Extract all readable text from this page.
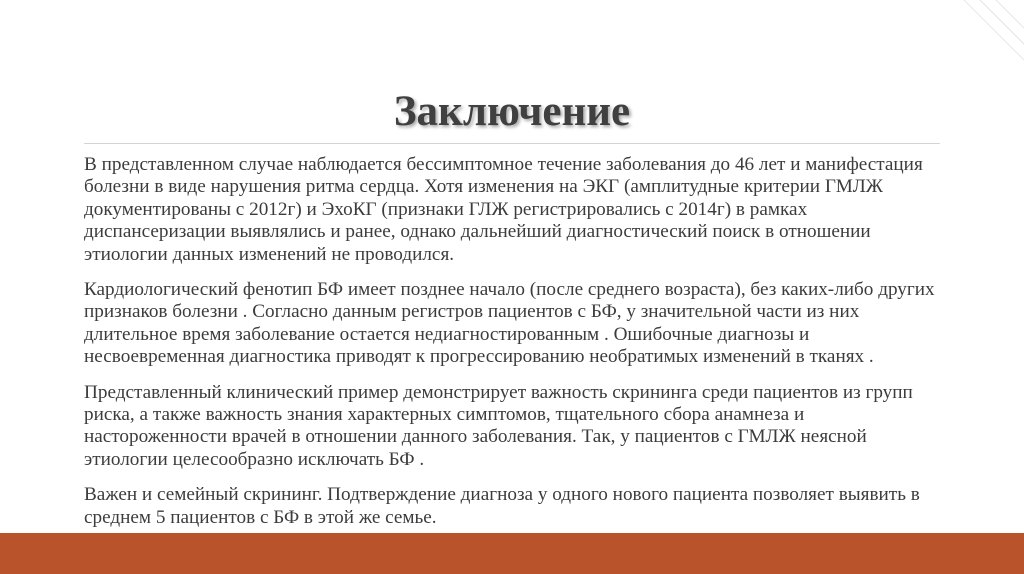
Заключение

В представленном случае наблюдается бессимптомное течение заболевания до 46 лет и манифестация болезни в виде нарушения ритма сердца. Хотя изменения на ЭКГ (амплитудные критерии ГМЛЖ документированы с 2012г) и ЭхоКГ (признаки ГЛЖ регистрировались с 2014г) в рамках диспансеризации выявлялись и ранее, однако дальнейший диагностический поиск в отношении этиологии данных изменений не проводился.

Кардиологический фенотип БФ имеет позднее начало (после среднего возраста), без каких-либо других признаков болезни . Согласно данным регистров пациентов с БФ, у значительной части из них длительное время заболевание остается недиагностированным . Ошибочные диагнозы и несвоевременная диагностика приводят к прогрессированию необратимых изменений в тканях .

Представленный клинический пример демонстрирует важность скрининга среди пациентов из групп риска, а также важность знания характерных симптомов, тщательного сбора анамнеза и настороженности врачей в отношении данного заболевания. Так, у пациентов с ГМЛЖ неясной этиологии целесообразно исключать БФ .

Важен и семейный скрининг. Подтверждение диагноза у одного нового пациента позволяет выявить в среднем 5 пациентов с БФ в этой же семье.
